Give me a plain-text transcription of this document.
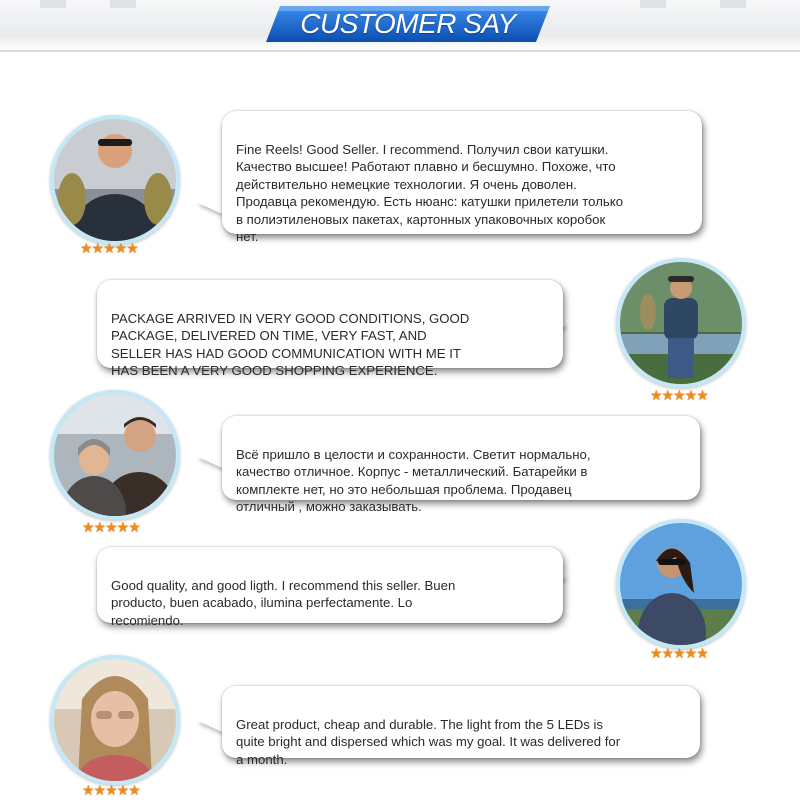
CUSTOMER SAY

Fine Reels! Good Seller. I recommend. Получил свои катушки.
Качество высшее! Работают плавно и бесшумно. Похоже, что
действительно немецкие технологии. Я очень доволен.
Продавца рекомендую. Есть нюанс: катушки прилетели только
в полиэтиленовых пакетах, картонных упаковочных коробок
нет.

★★★★★

PACKAGE ARRIVED IN VERY GOOD CONDITIONS, GOOD
PACKAGE, DELIVERED ON TIME, VERY FAST, AND
SELLER HAS HAD GOOD COMMUNICATION WITH ME IT
HAS BEEN A VERY GOOD SHOPPING EXPERIENCE.

★★★★★

Всё пришло в целости и сохранности. Светит нормально,
качество отличное. Корпус - металлический. Батарейки в
комплекте нет, но это небольшая проблема. Продавец
отличный , можно заказывать.

★★★★★

Good quality, and good ligth. I recommend this seller. Buen
producto, buen acabado, ilumina perfectamente. Lo
recomiendo.

★★★★★

Great product, cheap and durable. The light from the 5 LEDs is
quite bright and dispersed which was my goal. It was delivered for
a month.

★★★★★
